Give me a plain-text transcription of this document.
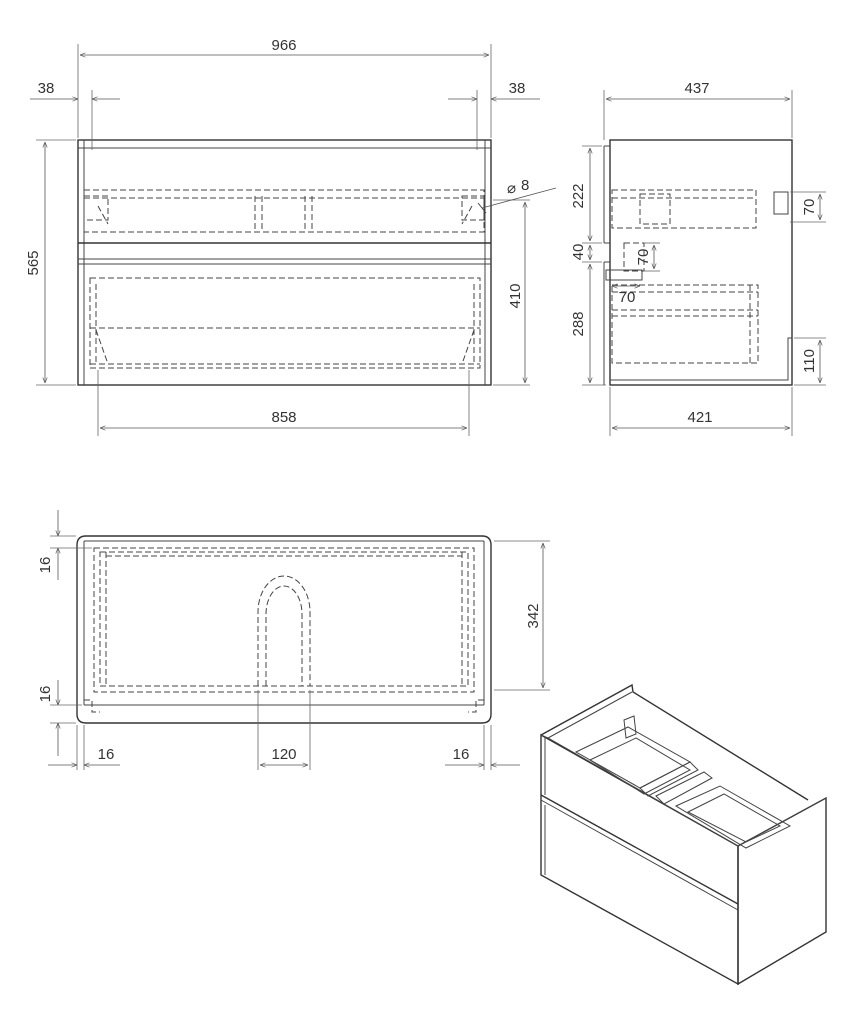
966
38	38
565
410
⌀ 8
858
437
222
40
288
70
70
70
110
421
16
16
342
16	120	16
